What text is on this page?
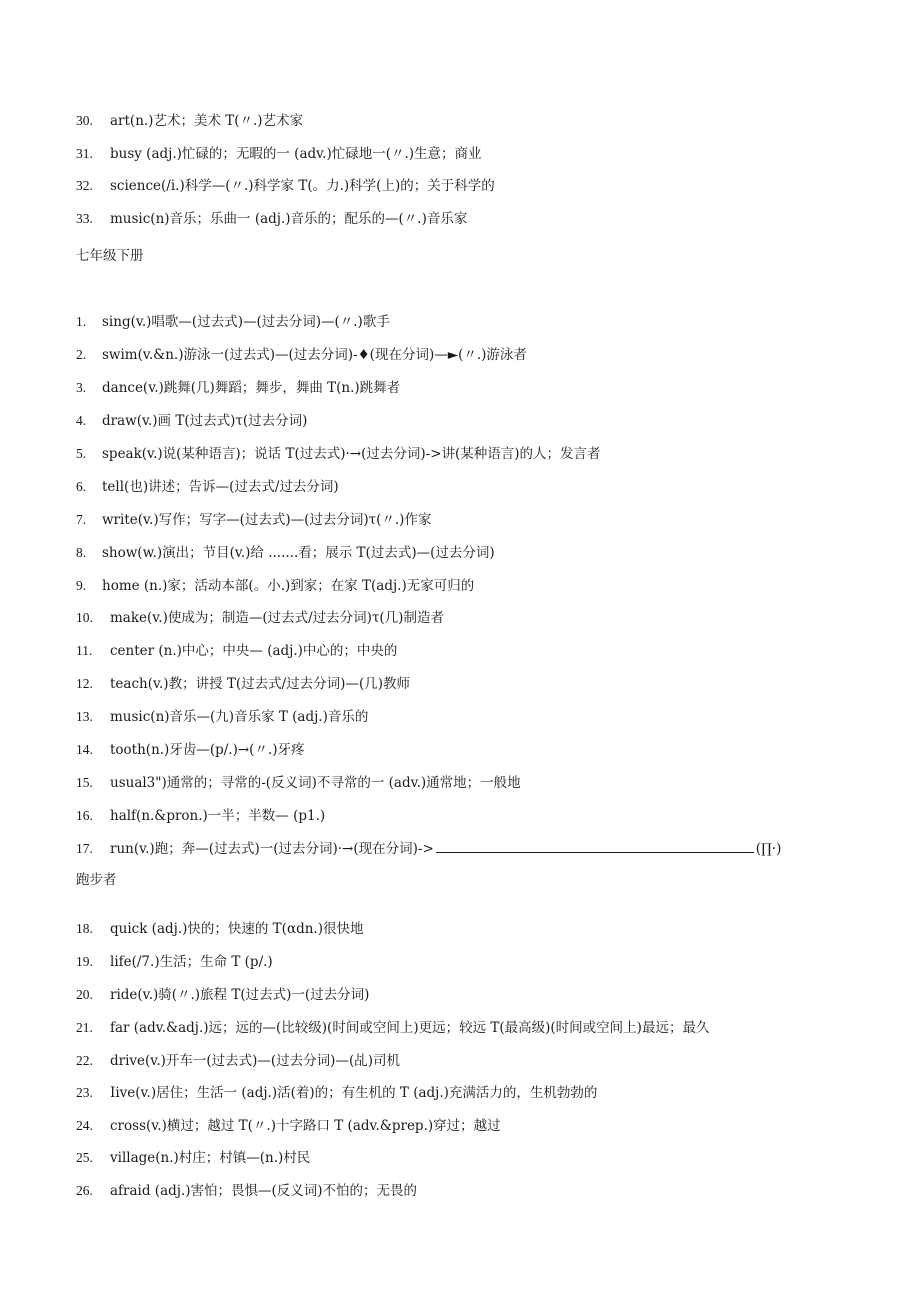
30. art(n.)艺术；美术 T(〃.)艺术家
31. busy (adj.)忙碌的；无暇的一 (adv.)忙碌地一(〃.)生意；商业
32. science(/i.)科学—(〃.)科学家 T(。力.)科学(上)的；关于科学的
33. music(n)音乐；乐曲一 (adj.)音乐的；配乐的—(〃.)音乐家
七年级下册
1. sing(v.)唱歌—(过去式)—(过去分词)—(〃.)歌手
2. swim(v.&n.)游泳一(过去式)—(过去分词)-♦(现在分词)—►(〃.)游泳者
3. dance(v.)跳舞(几)舞蹈；舞步，舞曲 T(n.)跳舞者
4. draw(v.)画 T(过去式)τ(过去分词)
5. speak(v.)说(某种语言)；说话 T(过去式)·→(过去分词)->讲(某种语言)的人；发言者
6. tell(也)讲述；告诉—(过去式/过去分词)
7. write(v.)写作；写字—(过去式)—(过去分词)τ(〃.)作家
8. show(w.)演出；节目(v.)给 .......看；展示 T(过去式)—(过去分词)
9. home (n.)家；活动本部(。小.)到家；在家 T(adj.)无家可归的
10. make(v.)使成为；制造—(过去式/过去分词)τ(几)制造者
11. center (n.)中心；中央— (adj.)中心的；中央的
12. teach(v.)教；讲授 T(过去式/过去分词)—(几)教师
13. music(n)音乐—(九)音乐家 T (adj.)音乐的
14. tooth(n.)牙齿—(p/.)→(〃.)牙疼
15. usual3")通常的；寻常的-(反义词)不寻常的一 (adv.)通常地；一般地
16. half(n.&pron.)一半；半数— (p1.)
17. run(v.)跑；奔—(过去式)一(过去分词)·→(现在分词)->	(∏·)
跑步者
18. quick (adj.)快的；快速的 T(αdn.)很快地
19. life(/7.)生活；生命 T (p/.)
20. ride(v.)骑(〃.)旅程 T(过去式)一(过去分词)
21. far (adv.&adj.)远；远的—(比较级)(时间或空间上)更远；较远 T(最高级)(时间或空间上)最远；最久
22. drive(v.)开车一(过去式)—(过去分词)—(乩)司机
23. Iive(v.)居住；生活一 (adj.)活(着)的；有生机的 T (adj.)充满活力的，生机勃勃的
24. cross(v.)横过；越过 T(〃.)十字路口 T (adv.&prep.)穿过；越过
25. village(n.)村庄；村镇—(n.)村民
26. afraid (adj.)害怕；畏惧—(反义词)不怕的；无畏的
